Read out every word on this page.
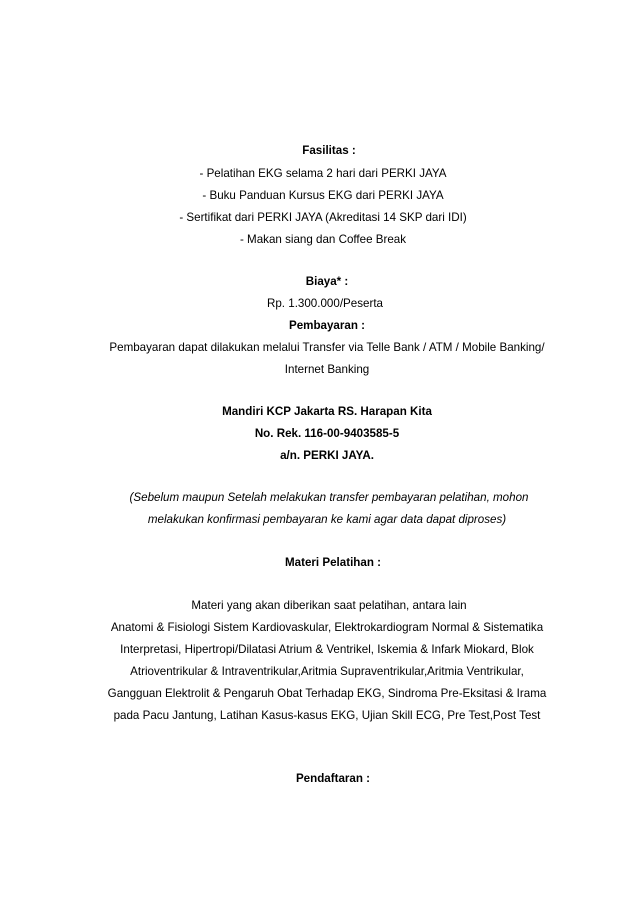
Fasilitas :
- Pelatihan EKG selama 2 hari dari PERKI JAYA
- Buku Panduan Kursus EKG dari PERKI JAYA
- Sertifikat dari PERKI JAYA (Akreditasi 14 SKP dari IDI)
- Makan siang dan Coffee Break
Biaya* :
Rp. 1.300.000/Peserta
Pembayaran :
Pembayaran dapat dilakukan melalui Transfer via Telle Bank / ATM / Mobile Banking/
Internet Banking
Mandiri KCP Jakarta RS. Harapan Kita
No. Rek. 116-00-9403585-5
a/n. PERKI JAYA.
(Sebelum maupun Setelah melakukan transfer pembayaran pelatihan, mohon
melakukan konfirmasi pembayaran ke kami agar data dapat diproses)
Materi Pelatihan :
Materi yang akan diberikan saat pelatihan, antara lain
Anatomi & Fisiologi Sistem Kardiovaskular, Elektrokardiogram Normal & Sistematika
Interpretasi, Hipertropi/Dilatasi Atrium & Ventrikel, Iskemia & Infark Miokard, Blok
Atrioventrikular & Intraventrikular,Aritmia Supraventrikular,Aritmia Ventrikular,
Gangguan Elektrolit & Pengaruh Obat Terhadap EKG, Sindroma Pre-Eksitasi & Irama
pada Pacu Jantung, Latihan Kasus-kasus EKG, Ujian Skill ECG, Pre Test,Post Test
Pendaftaran :
